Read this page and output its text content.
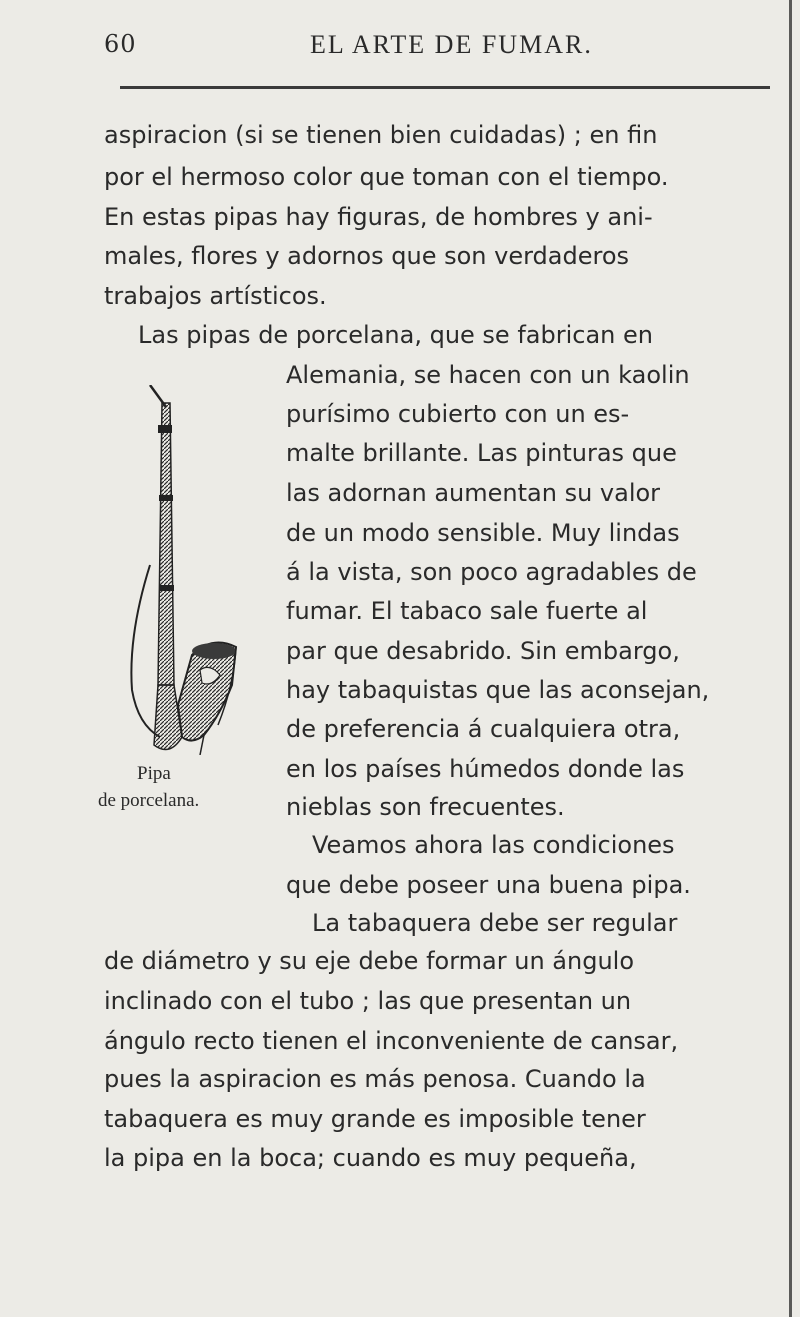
60	EL ARTE DE FUMAR.
aspiracion (si se tienen bien cuidadas) ; en fin
por el hermoso color que toman con el tiempo.
En estas pipas hay figuras, de hombres y ani-
males, flores y adornos que son verdaderos
trabajos artísticos.
Las pipas de porcelana, que se fabrican en
Alemania, se hacen con un kaolin
purísimo cubierto con un es-
malte brillante. Las pinturas que
las adornan aumentan su valor
de un modo sensible. Muy lindas
á la vista, son poco agradables de
fumar. El tabaco sale fuerte al
par que desabrido. Sin embargo,
hay tabaquistas que las aconsejan,
de preferencia á cualquiera otra,
en los países húmedos donde las
nieblas son frecuentes.
Veamos ahora las condiciones
que debe poseer una buena pipa.
La tabaquera debe ser regular
de diámetro y su eje debe formar un ángulo
inclinado con el tubo ; las que presentan un
ángulo recto tienen el inconveniente de cansar,
pues la aspiracion es más penosa. Cuando la
tabaquera es muy grande es imposible tener
la pipa en la boca; cuando es muy pequeña,
Pipa
de porcelana.
